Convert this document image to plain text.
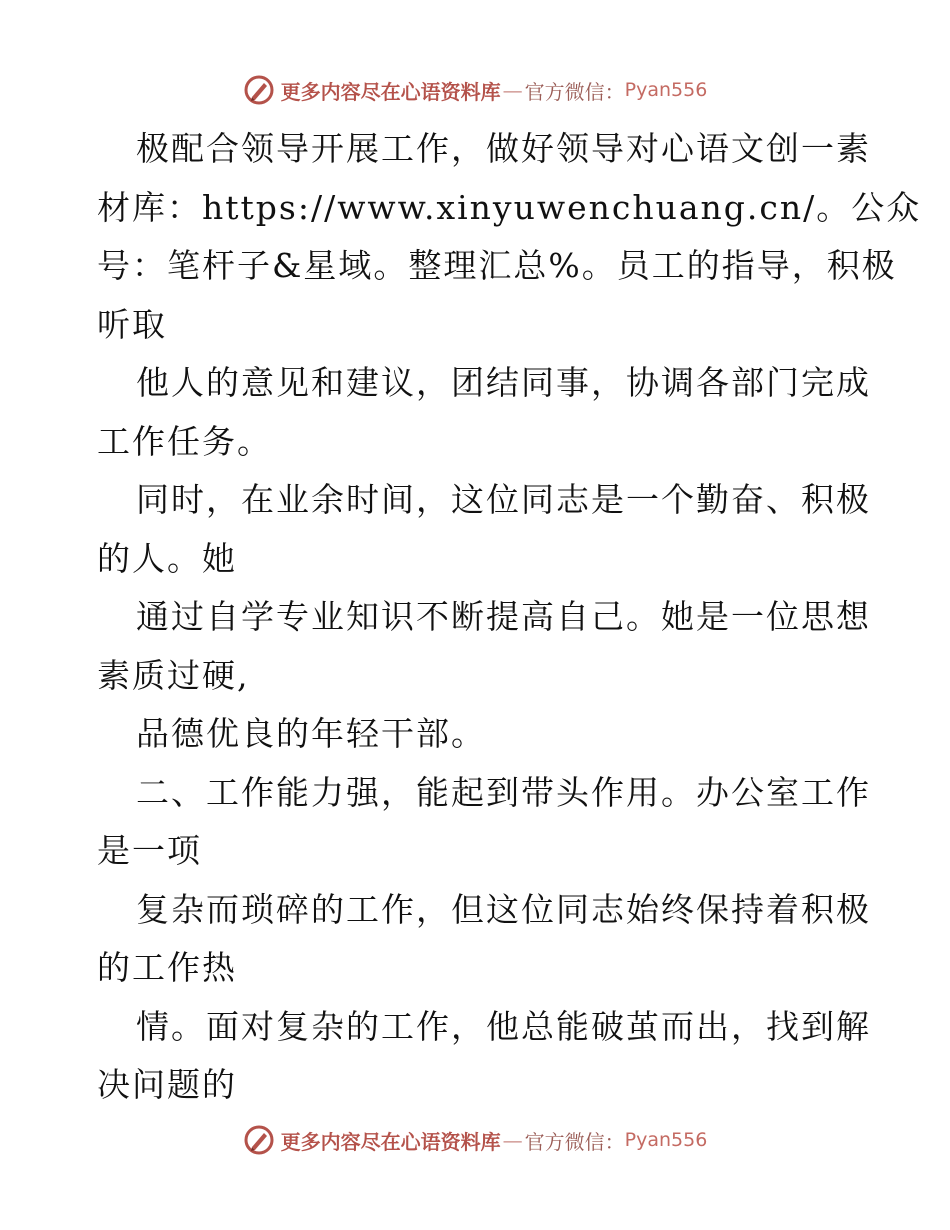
更多内容尽在心语资料库 — 官方微信： Pyan556
极配合领导开展工作，做好领导对心语文创一素
材库：https://www.xinyuwenchuang.cn/。公众
号：笔杆子&星域。整理汇总%。员工的指导，积极
听取
他人的意见和建议，团结同事，协调各部门完成
工作任务。
同时，在业余时间，这位同志是一个勤奋、积极
的人。她
通过自学专业知识不断提高自己。她是一位思想
素质过硬,
品德优良的年轻干部。
二、工作能力强，能起到带头作用。办公室工作
是一项
复杂而琐碎的工作，但这位同志始终保持着积极
的工作热
情。面对复杂的工作，他总能破茧而出，找到解
决问题的
更多内容尽在心语资料库 — 官方微信： Pyan556
